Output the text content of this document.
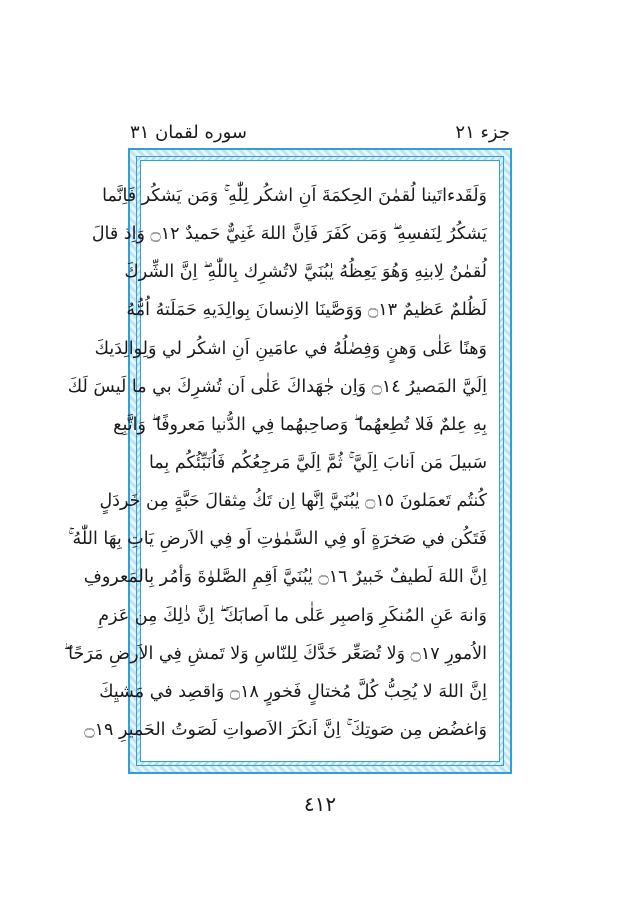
جزء ٢١
سوره لقمان ٣١
وَلَقَدءاتَينا لُقمٰنَ الحِكمَةَ اَنِ اشكُر لِلّٰهِ ۚ وَمَن يَشكُر فَاِنَّما
يَشكُرُ لِنَفسِهِ ۖ وَمَن كَفَرَ فَاِنَّ اللهَ غَنِيٌّ حَميدٌ ۝١٢ وَاِذ قالَ
لُقمٰنُ لِابنِهِ وَهُوَ يَعِظُهُ يٰبُنَيَّ لاتُشرِك بِاللّٰهِ ۖ اِنَّ الشِّركَ
لَظُلمٌ عَظيمٌ ۝١٣ وَوَصَّينَا الاِنسانَ بِوالِدَيهِ حَمَلَتهُ اُمُّهُ
وَهنًا عَلٰى وَهنٍ وَفِصٰلُهُ في عامَينِ اَنِ اشكُر لي وَلِوالِدَيكَ
اِلَيَّ المَصيرُ ۝١٤ وَاِن جٰهَداكَ عَلٰى اَن تُشرِكَ بي ما لَيسَ لَكَ
بِهِ عِلمٌ فَلا تُطِعهُما ۖ وَصاحِبهُما فِي الدُّنيا مَعروفًا ۖ وَاتَّبِع
سَبيلَ مَن اَنابَ اِلَيَّ ۚ ثُمَّ اِلَيَّ مَرجِعُكُم فَاُنَبِّئُكُم بِما
كُنتُم تَعمَلونَ ۝١٥ يٰبُنَيَّ اِنَّها اِن تَكُ مِثقالَ حَبَّةٍ مِن خَردَلٍ
فَتَكُن في صَخرَةٍ اَو فِي السَّمٰوٰتِ اَو فِي الاَرضِ يَاتِ بِهَا اللّٰهُ ۚ
اِنَّ اللهَ لَطيفٌ خَبيرٌ ۝١٦ يٰبُنَيَّ اَقِمِ الصَّلوٰةَ وَأمُر بِالمَعروفِ
وَانهَ عَنِ المُنكَرِ وَاصبِر عَلٰى ما اَصابَكَ ۖ اِنَّ ذٰلِكَ مِن عَزمِ
الاُمورِ ۝١٧ وَلا تُصَعِّر خَدَّكَ لِلنّاسِ وَلا تَمشِ فِي الاَرضِ مَرَحًا ۖ
اِنَّ اللهَ لا يُحِبُّ كُلَّ مُختالٍ فَخورٍ ۝١٨ وَاقصِد في مَشيِكَ
وَاغضُض مِن صَوتِكَ ۚ اِنَّ اَنكَرَ الاَصواتِ لَصَوتُ الحَميرِ ۝١٩
٤١٢
